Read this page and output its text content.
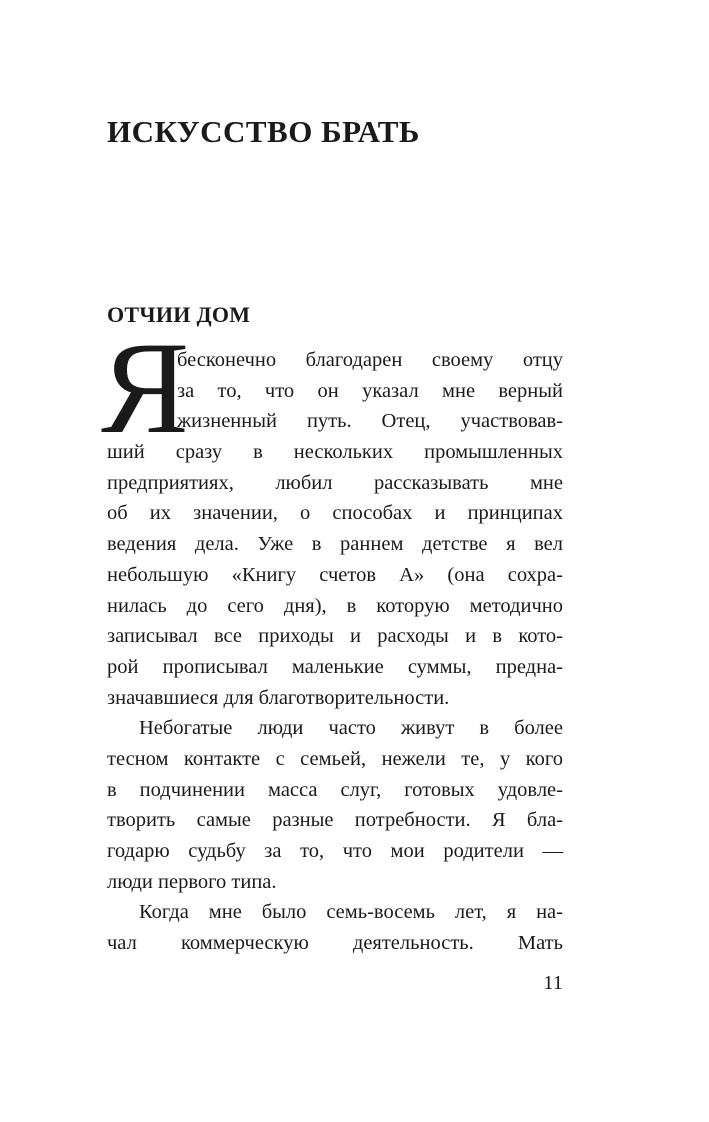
ИСКУССТВО БРАТЬ
ОТЧИИ ДОМ
Я
бесконечно благодарен своему отцу
за то, что он указал мне верный
жизненный путь. Отец, участвовав-
ший сразу в нескольких промышленных
предприятиях, любил рассказывать мне
об их значении, о способах и принципах
ведения дела. Уже в раннем детстве я вел
небольшую «Книгу счетов А» (она сохра-
нилась до сего дня), в которую методично
записывал все приходы и расходы и в кото-
рой прописывал маленькие суммы, предна-
значавшиеся для благотворительности.
Небогатые люди часто живут в более
тесном контакте с семьей, нежели те, у кого
в подчинении масса слуг, готовых удовле-
творить самые разные потребности. Я бла-
годарю судьбу за то, что мои родители —
люди первого типа.
Когда мне было семь-восемь лет, я на-
чал коммерческую деятельность. Мать
11
